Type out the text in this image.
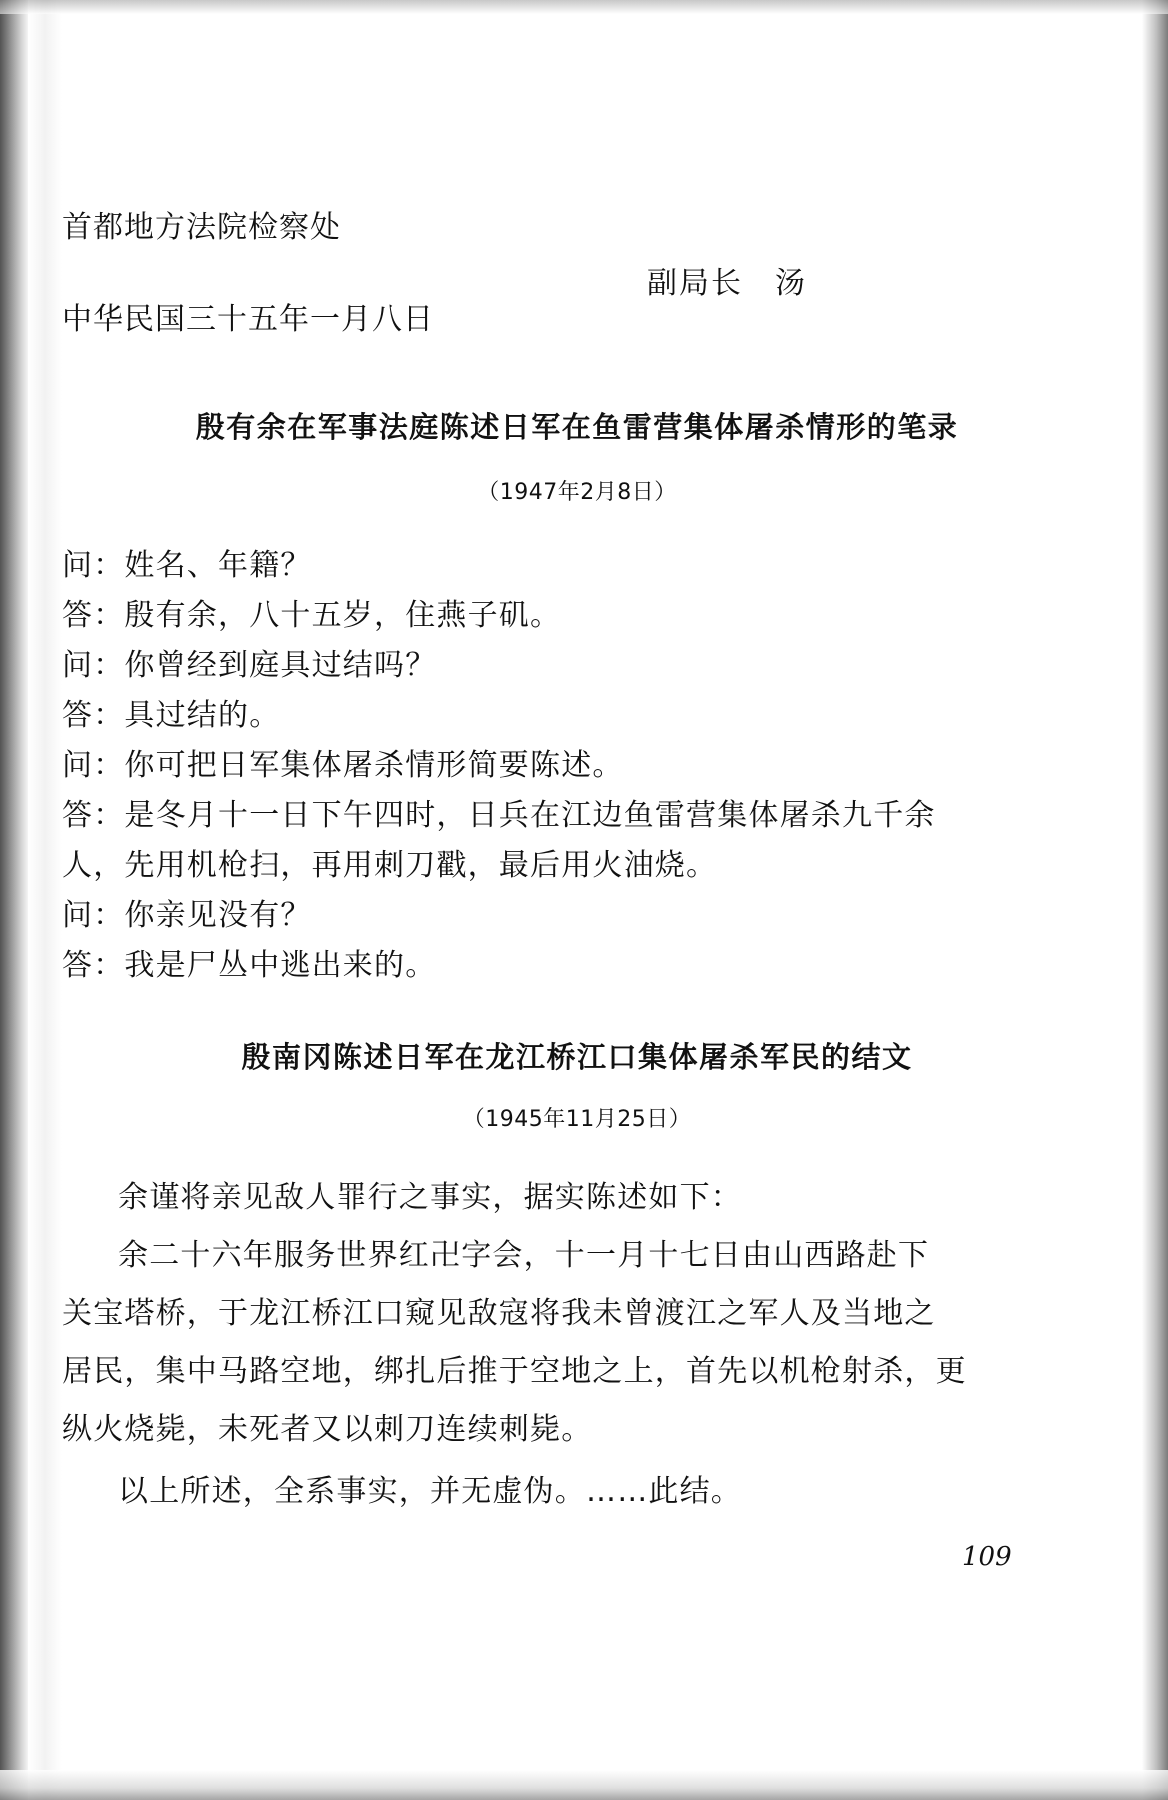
首都地方法院检察处
副局长　汤
中华民国三十五年一月八日
殷有余在军事法庭陈述日军在鱼雷营集体屠杀情形的笔录
（1947年2月8日）
问：姓名、年籍？
答：殷有余，八十五岁，住燕子矶。
问：你曾经到庭具过结吗？
答：具过结的。
问：你可把日军集体屠杀情形简要陈述。
答：是冬月十一日下午四时，日兵在江边鱼雷营集体屠杀九千余
人，先用机枪扫，再用刺刀戳，最后用火油烧。
问：你亲见没有？
答：我是尸丛中逃出来的。
殷南冈陈述日军在龙江桥江口集体屠杀军民的结文
（1945年11月25日）
余谨将亲见敌人罪行之事实，据实陈述如下：
余二十六年服务世界红卍字会，十一月十七日由山西路赴下
关宝塔桥，于龙江桥江口窥见敌寇将我未曾渡江之军人及当地之
居民，集中马路空地，绑扎后推于空地之上，首先以机枪射杀，更
纵火烧毙，未死者又以刺刀连续刺毙。
以上所述，全系事实，并无虚伪。……此结。
109
